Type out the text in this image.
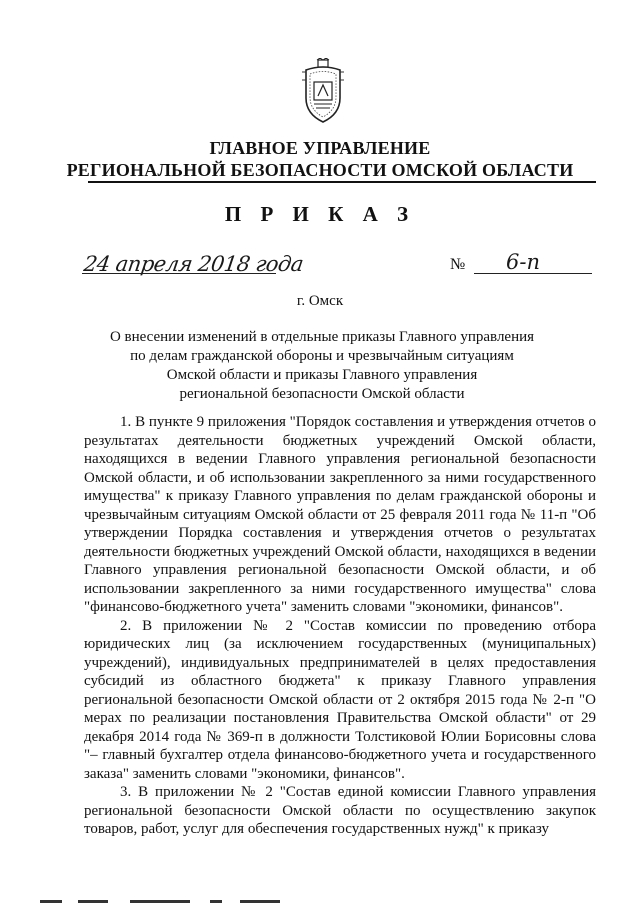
ГЛАВНОЕ УПРАВЛЕНИЕ
РЕГИОНАЛЬНОЙ БЕЗОПАСНОСТИ ОМСКОЙ ОБЛАСТИ
П Р И К А З
24 апреля 2018 года	№ 6-п
г. Омск
О внесении изменений в отдельные приказы Главного управления
по делам гражданской обороны и чрезвычайным ситуациям
Омской области и приказы Главного управления
региональной безопасности Омской области

1. В пункте 9 приложения "Порядок составления и утверждения отчетов о результатах деятельности бюджетных учреждений Омской области, находящихся в ведении Главного управления региональной безопасности Омской области, и об использовании закрепленного за ними государственного имущества" к приказу Главного управления по делам гражданской обороны и чрезвычайным ситуациям Омской области от 25 февраля 2011 года № 11-п "Об утверждении Порядка составления и утверждения отчетов о результатах деятельности бюджетных учреждений Омской области, находящихся в ведении Главного управления региональной безопасности Омской области, и об использовании закрепленного за ними государственного имущества" слова "финансово-бюджетного учета" заменить словами "экономики, финансов".

2. В приложении № 2 "Состав комиссии по проведению отбора юридических лиц (за исключением государственных (муниципальных) учреждений), индивидуальных предпринимателей в целях предоставления субсидий из областного бюджета" к приказу Главного управления региональной безопасности Омской области от 2 октября 2015 года № 2-п "О мерах по реализации постановления Правительства Омской области" от 29 декабря 2014 года № 369-п в должности Толстиковой Юлии Борисовны слова "– главный бухгалтер отдела финансово-бюджетного учета и государственного заказа" заменить словами "экономики, финансов".

3. В приложении № 2 "Состав единой комиссии Главного управления региональной безопасности Омской области по осуществлению закупок товаров, работ, услуг для обеспечения государственных нужд" к приказу
